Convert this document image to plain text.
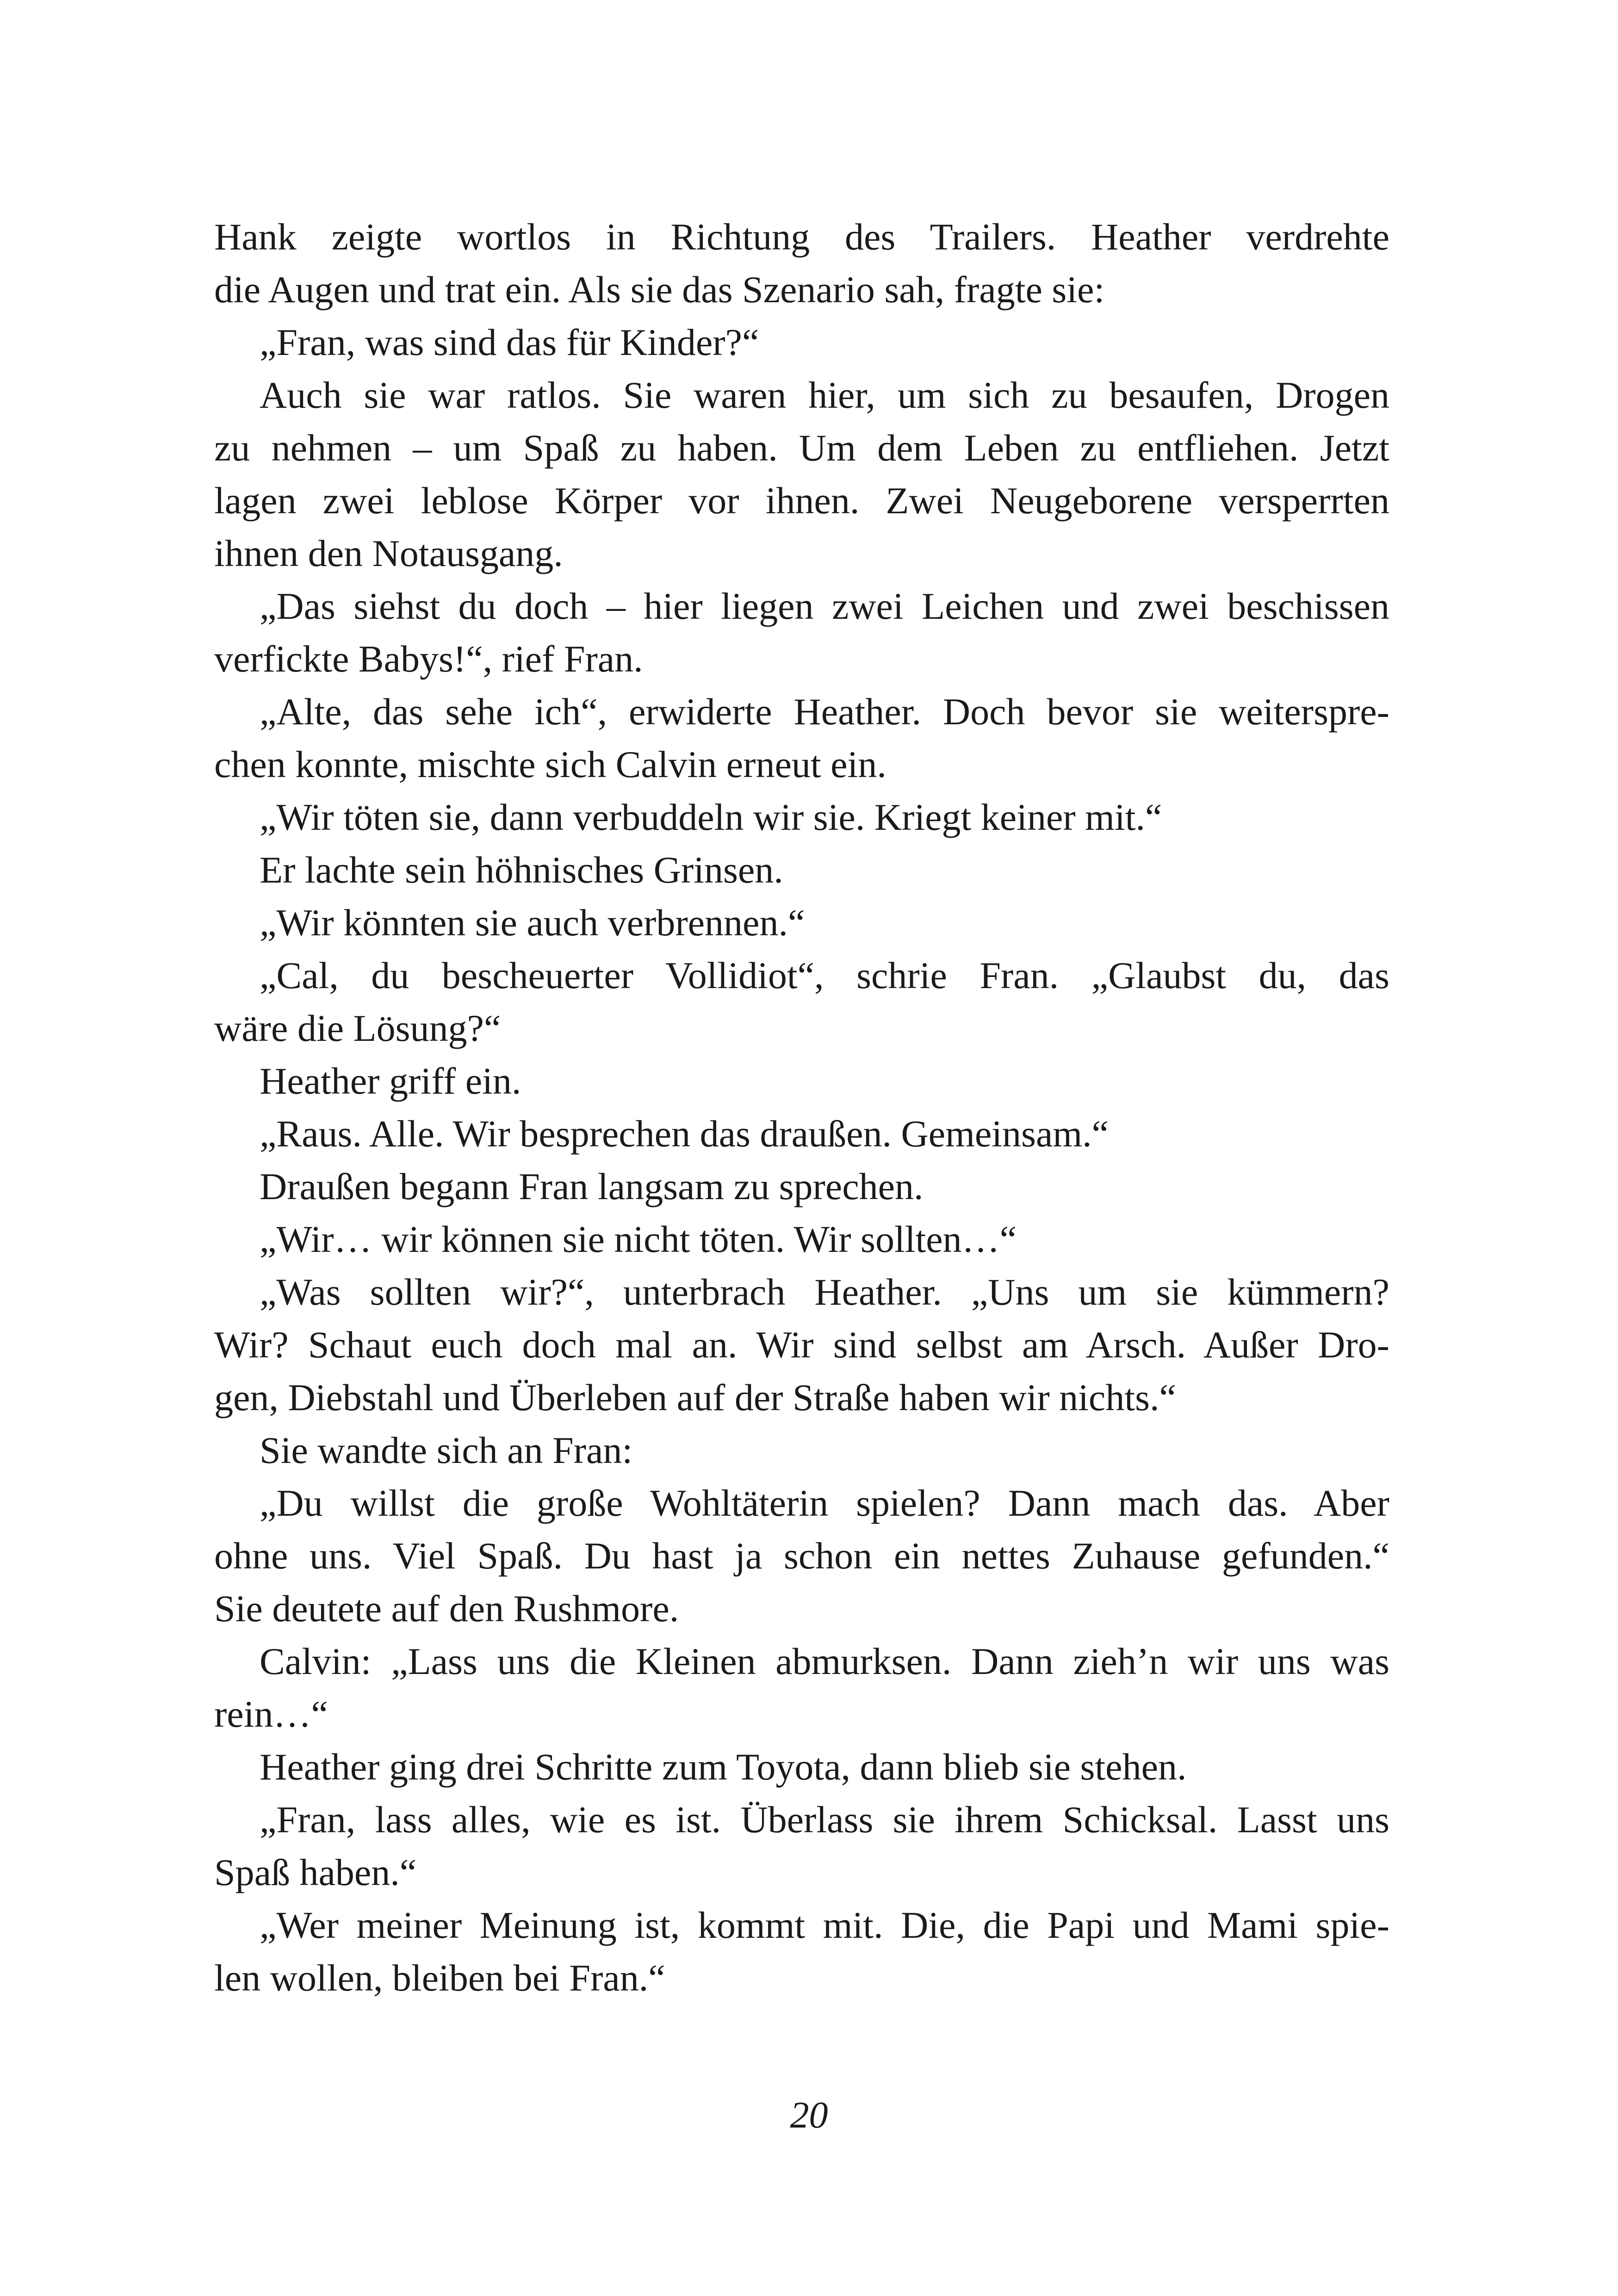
Hank zeigte wortlos in Richtung des Trailers. Heather verdrehte
die Augen und trat ein. Als sie das Szenario sah, fragte sie:
„Fran, was sind das für Kinder?“
Auch sie war ratlos. Sie waren hier, um sich zu besaufen, Drogen
zu nehmen – um Spaß zu haben. Um dem Leben zu entfliehen. Jetzt
lagen zwei leblose Körper vor ihnen. Zwei Neugeborene versperrten
ihnen den Notausgang.
„Das siehst du doch – hier liegen zwei Leichen und zwei beschissen
verfickte Babys!“, rief Fran.
„Alte, das sehe ich“, erwiderte Heather. Doch bevor sie weiterspre-
chen konnte, mischte sich Calvin erneut ein.
„Wir töten sie, dann verbuddeln wir sie. Kriegt keiner mit.“
Er lachte sein höhnisches Grinsen.
„Wir könnten sie auch verbrennen.“
„Cal, du bescheuerter Vollidiot“, schrie Fran. „Glaubst du, das
wäre die Lösung?“
Heather griff ein.
„Raus. Alle. Wir besprechen das draußen. Gemeinsam.“
Draußen begann Fran langsam zu sprechen.
„Wir… wir können sie nicht töten. Wir sollten…“
„Was sollten wir?“, unterbrach Heather. „Uns um sie kümmern?
Wir? Schaut euch doch mal an. Wir sind selbst am Arsch. Außer Dro-
gen, Diebstahl und Überleben auf der Straße haben wir nichts.“
Sie wandte sich an Fran:
„Du willst die große Wohltäterin spielen? Dann mach das. Aber
ohne uns. Viel Spaß. Du hast ja schon ein nettes Zuhause gefunden.“
Sie deutete auf den Rushmore.
Calvin: „Lass uns die Kleinen abmurksen. Dann zieh’n wir uns was
rein…“
Heather ging drei Schritte zum Toyota, dann blieb sie stehen.
„Fran, lass alles, wie es ist. Überlass sie ihrem Schicksal. Lasst uns
Spaß haben.“
„Wer meiner Meinung ist, kommt mit. Die, die Papi und Mami spie-
len wollen, bleiben bei Fran.“
20
